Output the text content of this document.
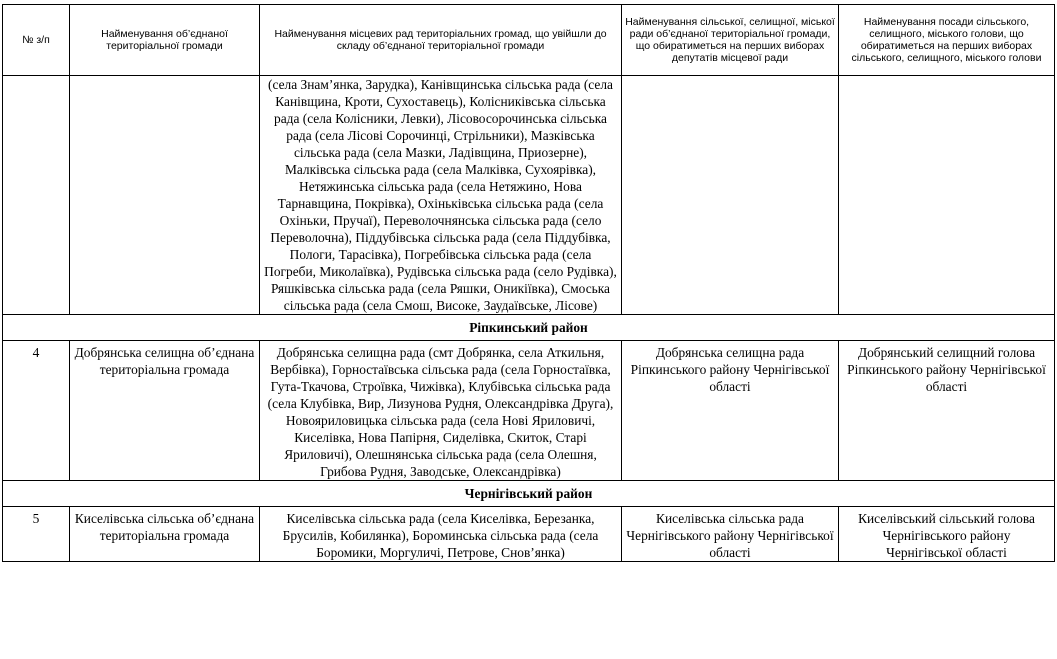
№ з/п	Найменування об’єднаної територіальної громади	Найменування місцевих рад територіальних громад, що увійшли до складу об’єднаної територіальної громади	Найменування сільської, селищної, міської ради об’єднаної територіальної громади, що обиратиметься на перших виборах депутатів місцевої ради	Найменування посади сільського, селищного, міського голови, що обиратиметься на перших виборах сільського, селищного, міського голови

		(села Знам’янка, Зарудка), Канівщинська сільська рада (села Канівщина, Кроти, Сухоставець), Колісниківська сільська рада (села Колісники, Левки), Лісовосорочинська сільська рада (села Лісові Сорочинці, Стрільники), Мазківська сільська рада (села Мазки, Ладівщина, Приозерне), Малківська сільська рада (села Малківка, Сухоярівка), Нетяжинська сільська рада (села Нетяжино, Нова Тарнавщина, Покрівка), Охіньківська сільська рада (села Охіньки, Пручаї), Переволочнянська сільська рада (село Переволочна), Піддубівська сільська рада (села Піддубівка, Пологи, Тарасівка), Погребівська сільська рада (села Погреби, Миколаївка), Рудівська сільська рада (село Рудівка), Ряшківська сільська рада (села Ряшки, Оникіївка), Смоська сільська рада (села Смош, Високе, Заудаївське, Лісове)		

Ріпкинський район				
4	Добрянська селищна об’єднана територіальна громада	Добрянська селищна рада (смт Добрянка, села Аткильня, Вербівка), Горностаївська сільська рада (села Горностаївка, Гута-Ткачова, Строївка, Чижівка), Клубівська сільська рада (села Клубівка, Вир, Лизунова Рудня, Олександрівка Друга), Новояриловицька сільська рада (села Нові Яриловичі, Киселівка, Нова Папірня, Сиделівка, Скиток, Старі Яриловичі), Олешнянська сільська рада (села Олешня, Грибова Рудня, Заводське, Олександрівка)	Добрянська селищна рада Ріпкинського району Чернігівської області	Добрянський селищний голова Ріпкинського району Чернігівської області

Чернігівський район				
5	Киселівська сільська об’єднана територіальна громада	Киселівська сільська рада (села Киселівка, Березанка, Брусилів, Кобилянка), Бороминська сільська рада (села Боромики, Моргуличі, Петрове, Снов’янка)	Киселівська сільська рада Чернігівського району Чернігівської області	Киселівський сільський голова Чернігівського району Чернігівської області
